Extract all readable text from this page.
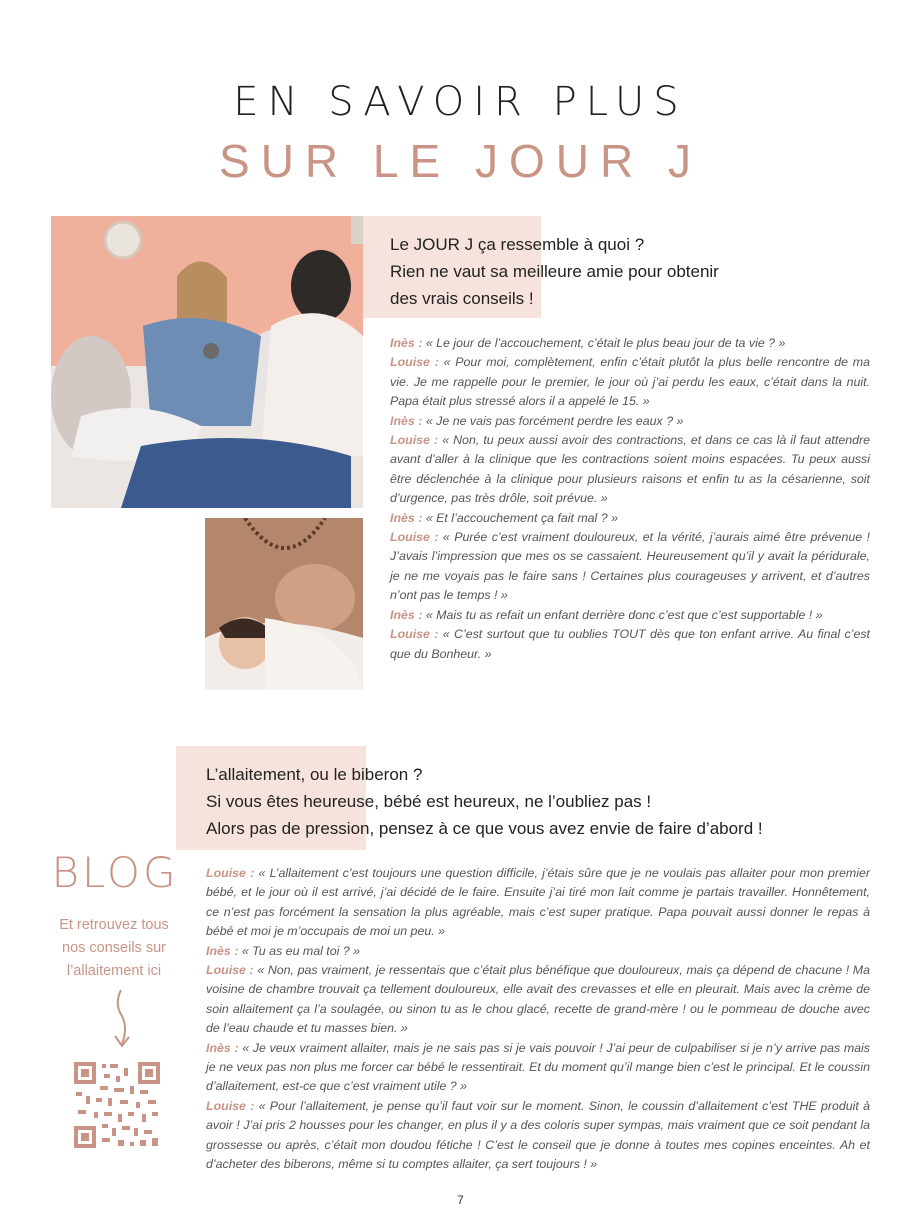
EN SAVOIR PLUS
SUR LE JOUR J
Le JOUR J ça ressemble à quoi ?
Rien ne vaut sa meilleure amie pour obtenir
des vrais conseils !
Inès : « Le jour de l’accouchement, c’était le plus beau jour de ta vie ? »
Louise : « Pour moi, complètement, enfin c’était plutôt la plus belle rencontre de ma vie. Je me rappelle pour le premier, le jour où j’ai perdu les eaux, c’était dans la nuit. Papa était plus stressé alors il a appelé le 15. »
Inès : « Je ne vais pas forcément perdre les eaux ? »
Louise : « Non, tu peux aussi avoir des contractions, et dans ce cas là il faut attendre avant d’aller à la clinique que les contractions soient moins espacées. Tu peux aussi être déclenchée à la clinique pour plusieurs raisons et enfin tu as la césarienne, soit d’urgence, pas très drôle, soit prévue. »
Inès : « Et l’accouchement ça fait mal ? »
Louise : « Purée c’est vraiment douloureux, et la vérité, j’aurais aimé être prévenue ! J’avais l’impression que mes os se cassaient. Heureusement qu’il y avait la péridurale, je ne me voyais pas le faire sans ! Certaines plus courageuses y arrivent, et d’autres n’ont pas le temps ! »
Inès : « Mais tu as refait un enfant derrière donc c’est que c’est supportable ! »
Louise : « C’est surtout que tu oublies TOUT dès que ton enfant arrive. Au final c’est que du Bonheur. »
L’allaitement, ou le biberon ?
Si vous êtes heureuse, bébé est heureux, ne l’oubliez pas !
Alors pas de pression, pensez à ce que vous avez envie de faire d’abord !
Louise : « L’allaitement c’est toujours une question difficile, j’étais sûre que je ne voulais pas allaiter pour mon premier bébé, et le jour où il est arrivé, j’ai décidé de le faire. Ensuite j’ai tiré mon lait comme je partais travailler. Honnêtement, ce n’est pas forcément la sensation la plus agréable, mais c’est super pratique. Papa pouvait aussi donner le repas à bébé et moi je m’occupais de moi un peu. »
Inès : « Tu as eu mal toi ? »
Louise : « Non, pas vraiment, je ressentais que c’était plus bénéfique que douloureux, mais ça dépend de chacune ! Ma voisine de chambre trouvait ça tellement douloureux, elle avait des crevasses et elle en pleurait. Mais avec la crème de soin allaitement ça l’a soulagée, ou sinon tu as le chou glacé, recette de grand-mère ! ou le pommeau de douche avec de l’eau chaude et tu masses bien. »
Inès : « Je veux vraiment allaiter, mais je ne sais pas si je vais pouvoir ! J’ai peur de culpabiliser si je n’y arrive pas mais je ne veux pas non plus me forcer car bébé le ressentirait. Et du moment qu’il mange bien c’est le principal. Et le coussin d’allaitement, est-ce que c’est vraiment utile ? »
Louise : « Pour l’allaitement, je pense qu’il faut voir sur le moment. Sinon, le coussin d’allaitement c’est THE produit à avoir ! J’ai pris 2 housses pour les changer, en plus il y a des coloris super sympas, mais vraiment que ce soit pendant la grossesse ou après, c’était mon doudou fétiche ! C’est le conseil que je donne à toutes mes copines enceintes. Ah et d’acheter des biberons, même si tu comptes allaiter, ça sert toujours ! »
BLOG
Et retrouvez tous
nos conseils sur
l’allaitement ici
7
